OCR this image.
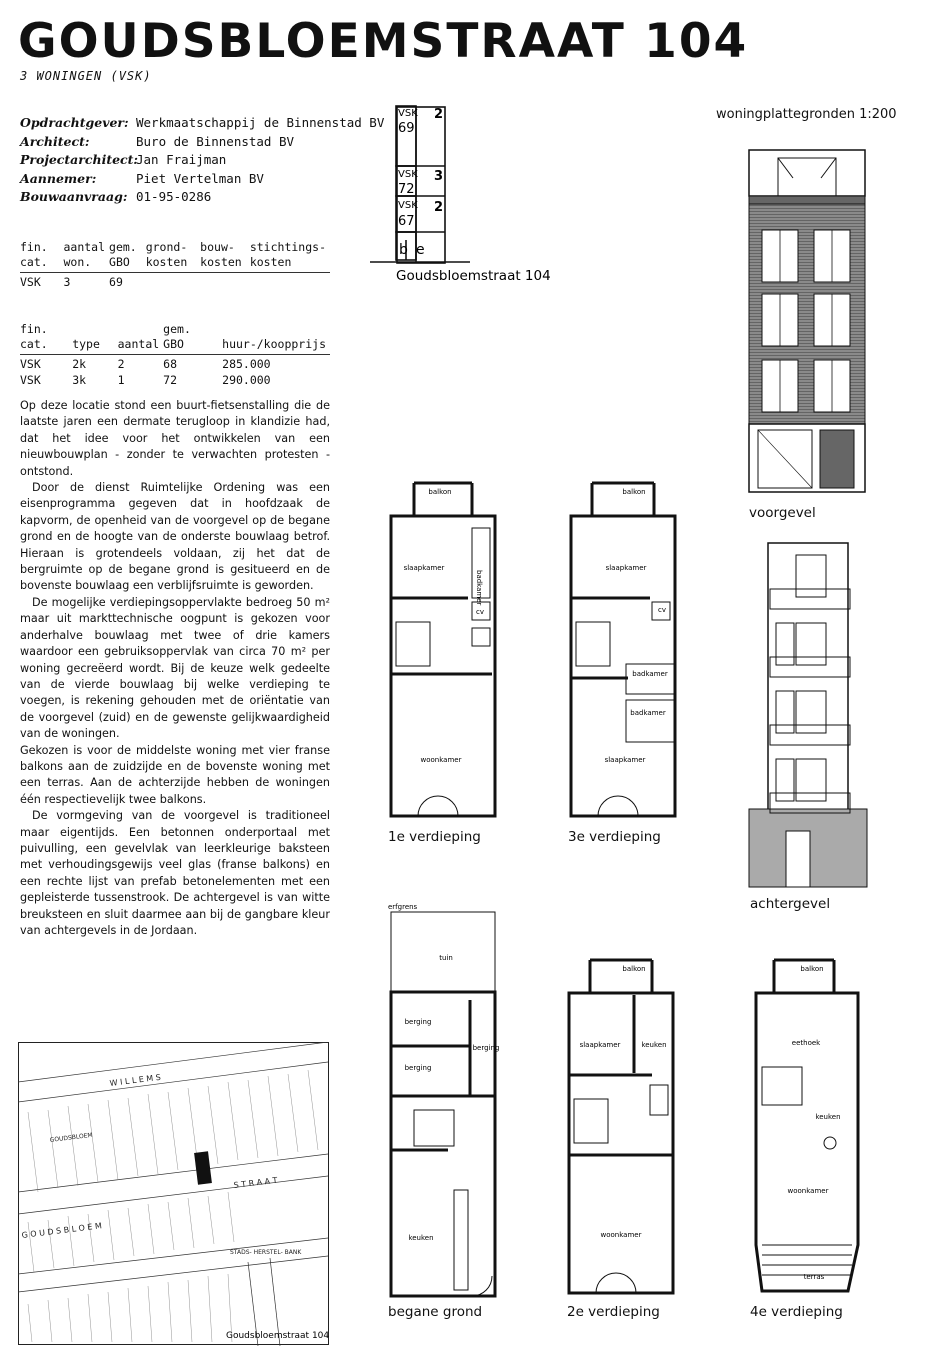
GOUDSBLOEMSTRAAT 104
3 WONINGEN (VSK)
Opdrachtgever: Werkmaatschappij de Binnenstad BV
Architect:	Buro de Binnenstad BV
Projectarchitect:
Jan Fraijman
Aannemer:	Piet Vertelman BV
Bouwaanvraag: 01-95-0286
fin. cat.	aantal won.	gem. GBO	grond- kosten	bouw- kosten	stichtings- kosten
VSK	3	69			
fin. cat.	type	aantal	gem. GBO	huur-/koopprijs
VSK	2k	2	68	285.000
VSK	3k	1	72	290.000

Op deze locatie stond een buurt-fietsenstalling die de laatste jaren een dermate terugloop in klandizie had, dat het idee voor het ontwikkelen van een nieuwbouwplan - zonder te verwachten protesten - ontstond.

Door de dienst Ruimtelijke Ordening was een eisenprogramma gegeven dat in hoofdzaak de kapvorm, de openheid van de voorgevel op de begane grond en de hoogte van de onderste bouwlaag betrof. Hieraan is grotendeels voldaan, zij het dat de bergruimte op de begane grond is gesitueerd en de bovenste bouwlaag een verblijfsruimte is geworden.

De mogelijke verdiepingsoppervlakte bedroeg 50 m² maar uit markttechnische oogpunt is gekozen voor anderhalve bouwlaag met twee of drie kamers waardoor een gebruiksoppervlak van circa 70 m² per woning gecreëerd wordt. Bij de keuze welk gedeelte van de vierde bouwlaag bij welke verdieping te voegen, is rekening gehouden met de oriëntatie van de voorgevel (zuid) en de gewenste gelijkwaardigheid van de woningen.

Gekozen is voor de middelste woning met vier franse balkons aan de zuidzijde en de bovenste woning met een terras. Aan de achterzijde hebben de woningen één respectievelijk twee balkons.

De vormgeving van de voorgevel is traditioneel maar eigentijds. Een betonnen onderportaal met puivulling, een gevelvlak van leerkleurige baksteen met verhoudingsgewijs veel glas (franse balkons) en een rechte lijst van prefab betonelementen met een gepleisterde tussenstrook. De achtergevel is van witte breuksteen en sluit daarmee aan bij de gangbare kleur van achtergevels in de Jordaan.

VSK
69
2
VSK
72
3
VSK
67
2
b e
Goudsbloemstraat 104
woningplattegronden 1:200
voorgevel
achtergevel
balkon
slaapkamer
badkamer
cv
woonkamer
1e verdieping
balkon
slaapkamer
cv
badkamer
badkamer
slaapkamer
3e verdieping
erfgrens
tuin
berging
berging
berging
keuken
begane grond
balkon
slaapkamer	keuken
woonkamer
2e verdieping
balkon
eethoek
keuken
woonkamer
terras
4e verdieping
W I L L E M S
S T R A A T
G O U D S B L O E M
GOUDSBLOEM
STADS- HERSTEL- BANK
Goudsbloemstraat 104
